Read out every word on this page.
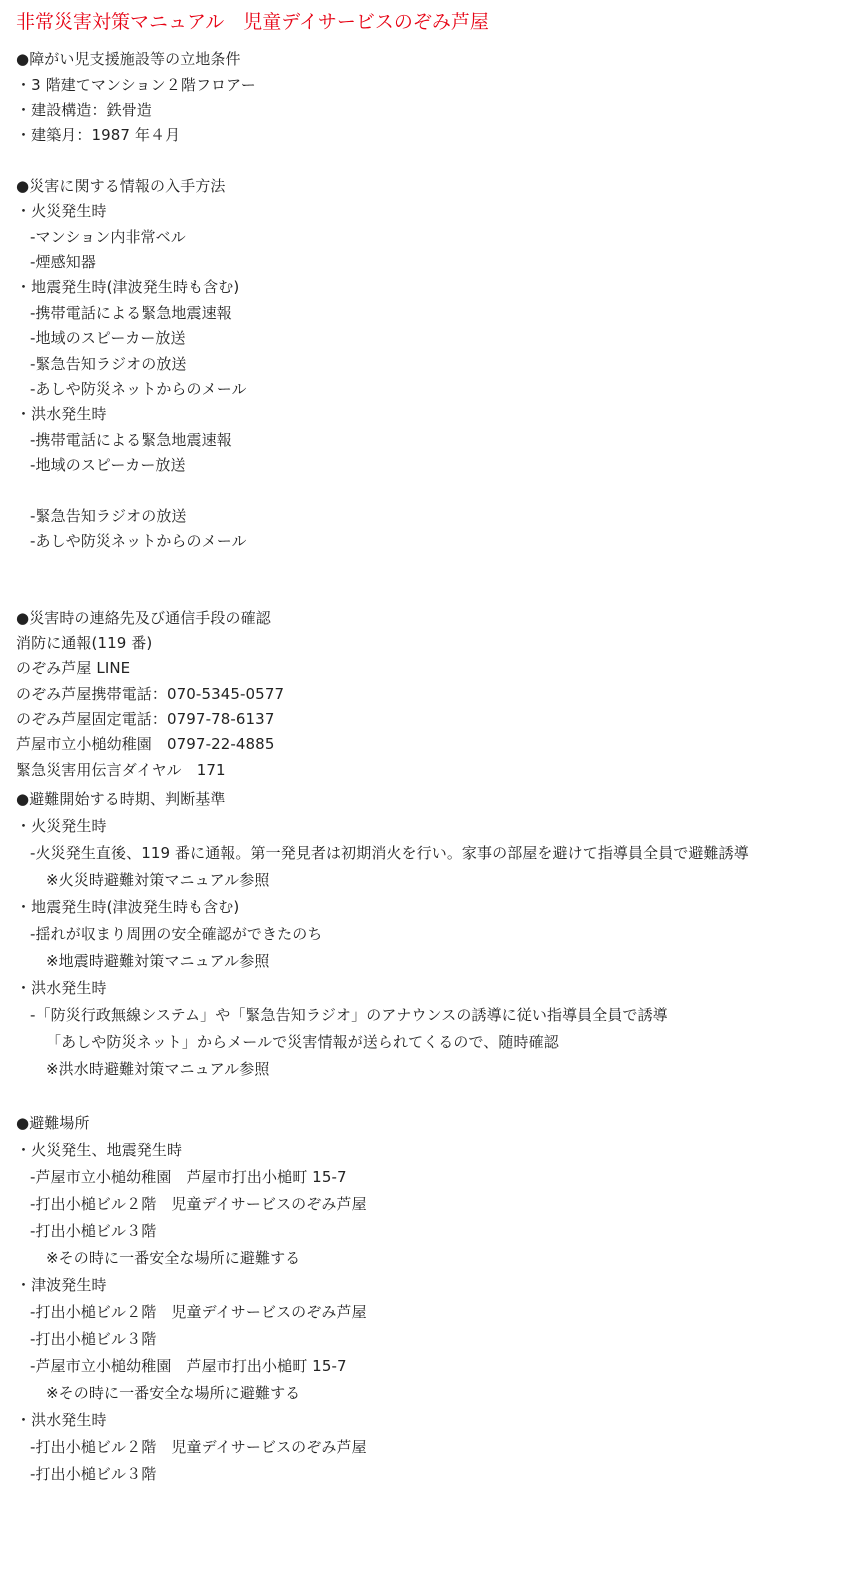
非常災害対策マニュアル　児童デイサービスのぞみ芦屋
●障がい児支援施設等の立地条件
・3 階建てマンション２階フロアー
・建設構造：鉄骨造
・建築月：1987 年４月
●災害に関する情報の入手方法
・火災発生時
-マンション内非常ベル
-煙感知器
・地震発生時(津波発生時も含む)
-携帯電話による緊急地震速報
-地域のスピーカー放送
-緊急告知ラジオの放送
-あしや防災ネットからのメール
・洪水発生時
-携帯電話による緊急地震速報
-地域のスピーカー放送
-緊急告知ラジオの放送
-あしや防災ネットからのメール
●災害時の連絡先及び通信手段の確認
消防に通報(119 番)
のぞみ芦屋 LINE
のぞみ芦屋携帯電話：070-5345-0577
のぞみ芦屋固定電話：0797-78-6137
芦屋市立小槌幼稚園　0797-22-4885
緊急災害用伝言ダイヤル　171
●避難開始する時期、判断基準
・火災発生時
-火災発生直後、119 番に通報。第一発見者は初期消火を行い。家事の部屋を避けて指導員全員で避難誘導
※火災時避難対策マニュアル参照
・地震発生時(津波発生時も含む)
-揺れが収まり周囲の安全確認ができたのち
※地震時避難対策マニュアル参照
・洪水発生時
-「防災行政無線システム」や「緊急告知ラジオ」のアナウンスの誘導に従い指導員全員で誘導
「あしや防災ネット」からメールで災害情報が送られてくるので、随時確認
※洪水時避難対策マニュアル参照
●避難場所
・火災発生、地震発生時
-芦屋市立小槌幼稚園　芦屋市打出小槌町 15-7
-打出小槌ビル２階　児童デイサービスのぞみ芦屋
-打出小槌ビル３階
※その時に一番安全な場所に避難する
・津波発生時
-打出小槌ビル２階　児童デイサービスのぞみ芦屋
-打出小槌ビル３階
-芦屋市立小槌幼稚園　芦屋市打出小槌町 15-7
※その時に一番安全な場所に避難する
・洪水発生時
-打出小槌ビル２階　児童デイサービスのぞみ芦屋
-打出小槌ビル３階
